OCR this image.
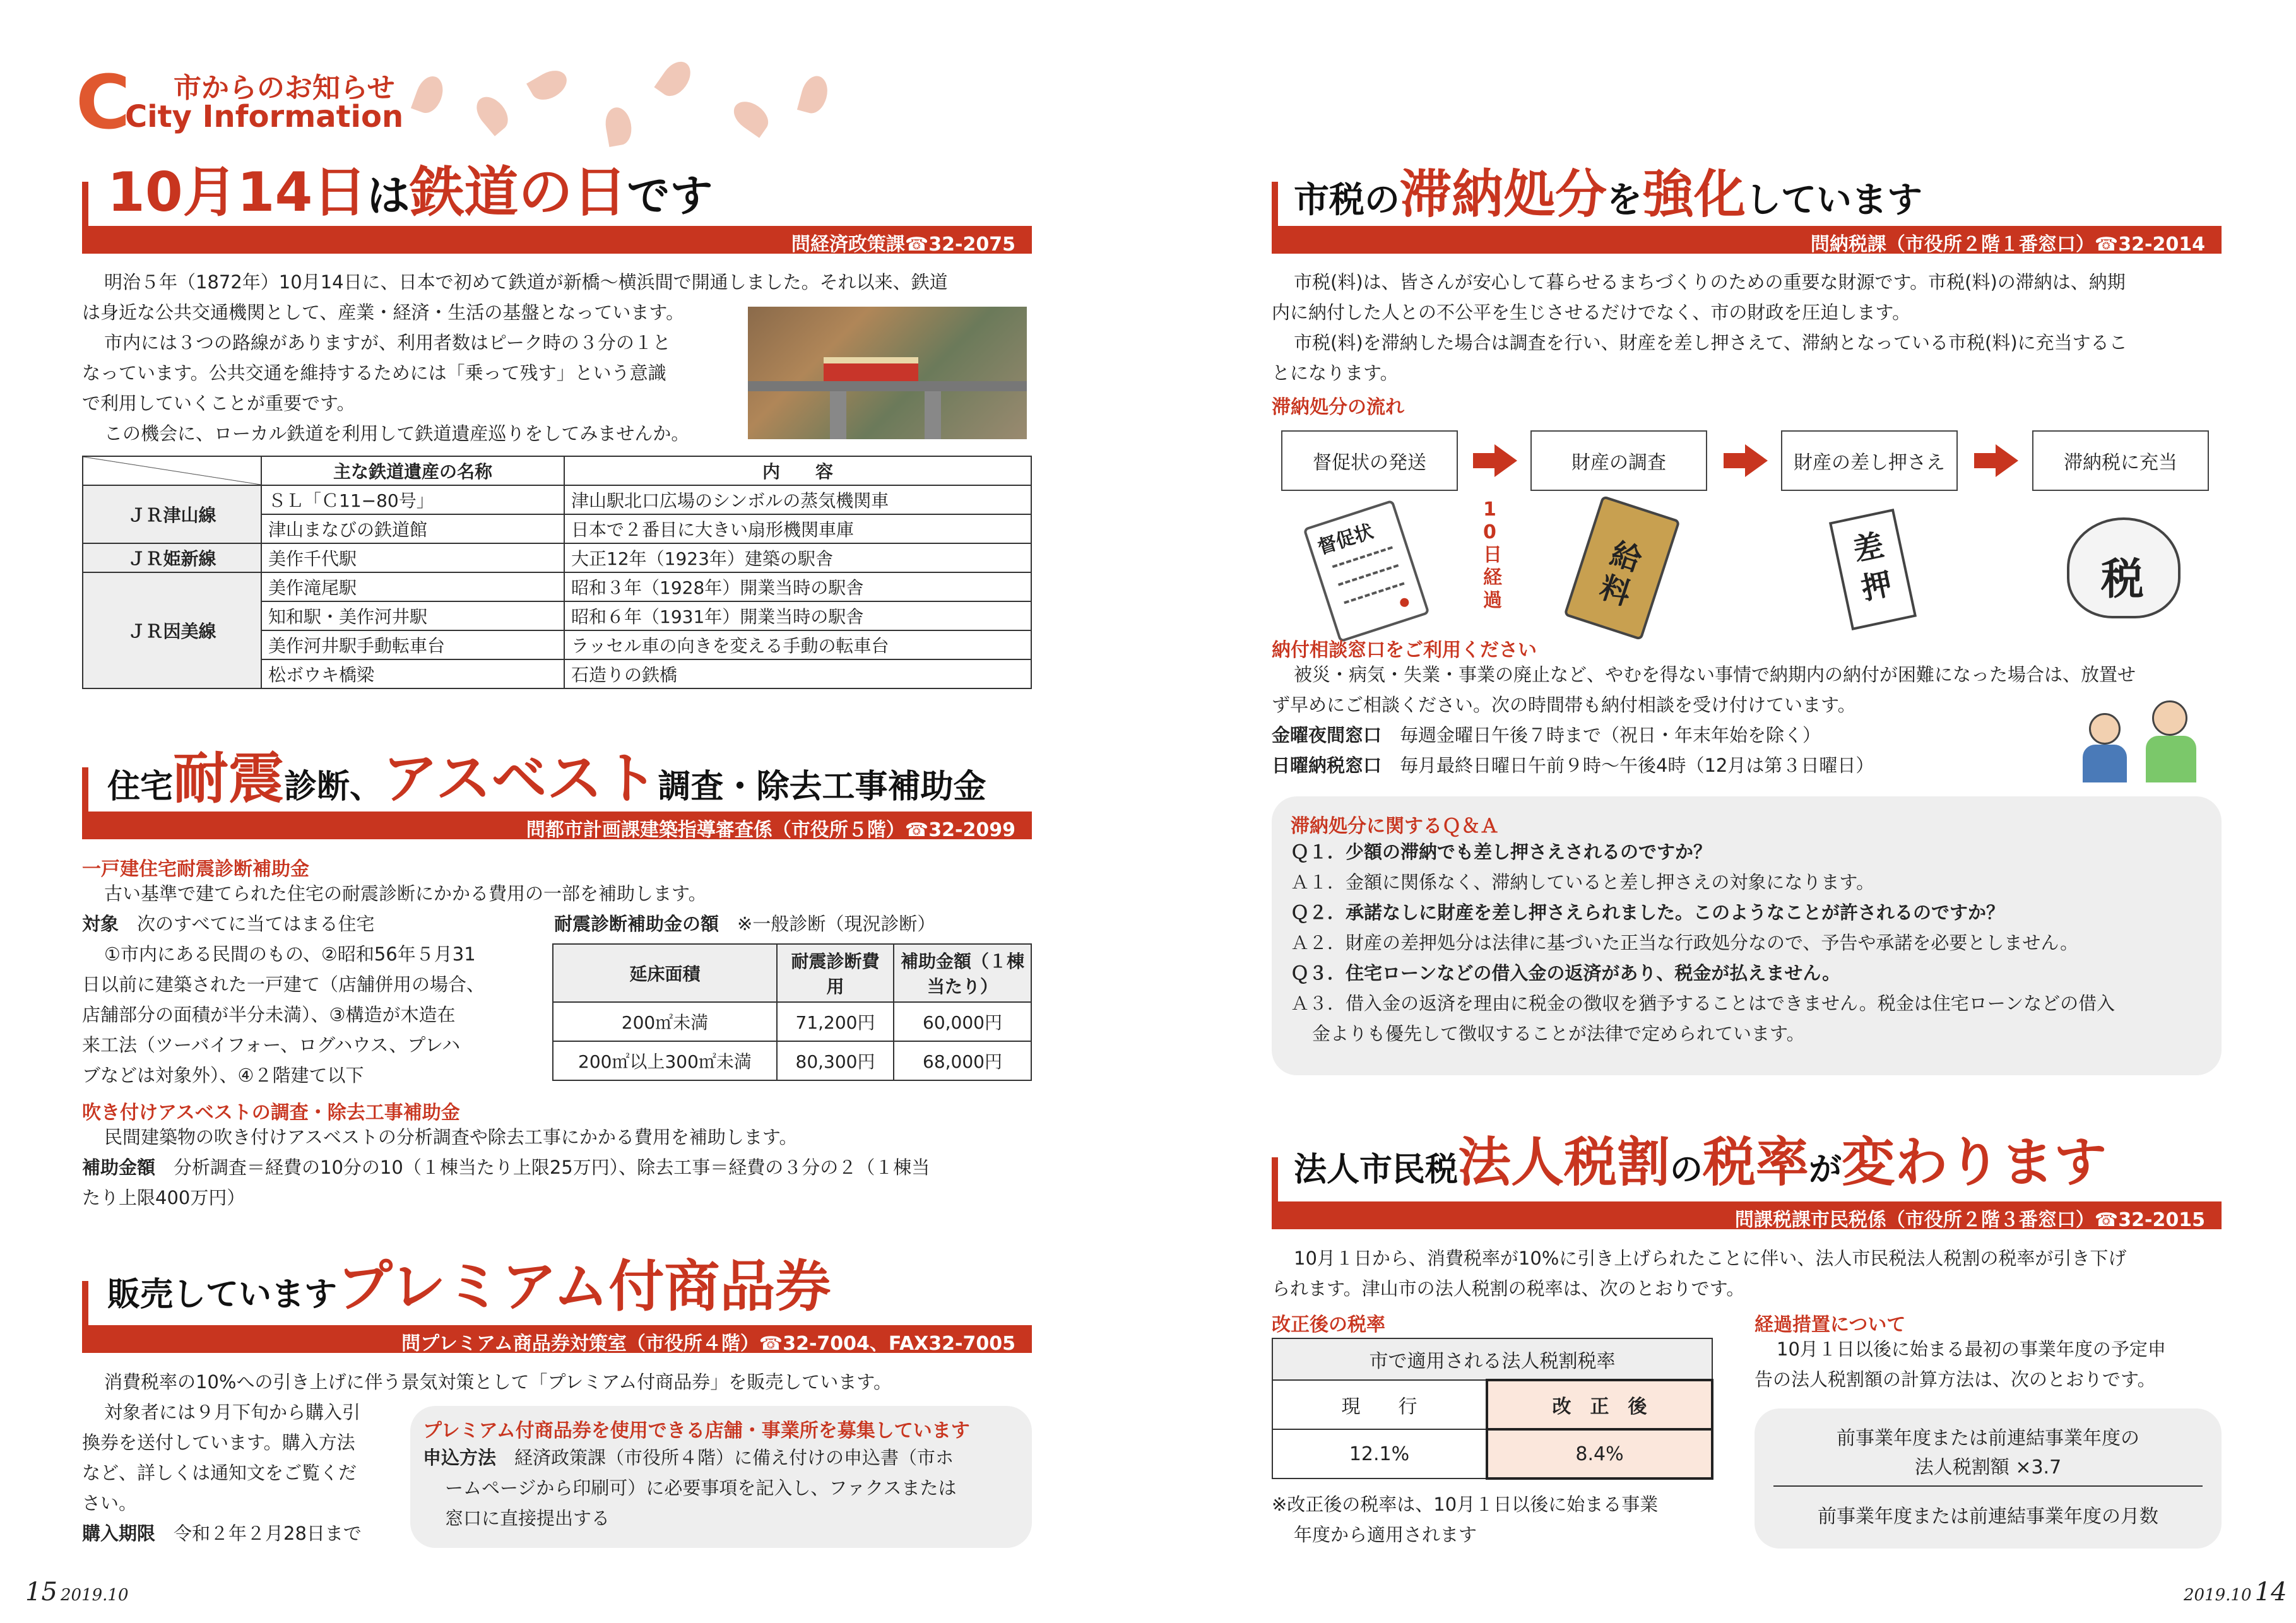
C 市からのお知らせ
City Information
10月14日は鉄道の日です
問経済政策課☎32-2075

明治５年（1872年）10月14日に、日本で初めて鉄道が新橋～横浜間で開通しました。それ以来、鉄道

は身近な公共交通機関として、産業・経済・生活の基盤となっています。

市内には３つの路線がありますが、利用者数はピーク時の３分の１と

なっています。公共交通を維持するためには「乗って残す」という意識

で利用していくことが重要です。

この機会に、ローカル鉄道を利用して鉄道遺産巡りをしてみませんか。

	主な鉄道遺産の名称	内　　容
ＪＲ津山線	ＳＬ「Ｃ11−80号」	津山駅北口広場のシンボルの蒸気機関車
	津山まなびの鉄道館	日本で２番目に大きい扇形機関車庫
ＪＲ姫新線	美作千代駅	大正12年（1923年）建築の駅舎
ＪＲ因美線	美作滝尾駅	昭和３年（1928年）開業当時の駅舎
	知和駅・美作河井駅	昭和６年（1931年）開業当時の駅舎
	美作河井駅手動転車台	ラッセル車の向きを変える手動の転車台
	松ボウキ橋梁	石造りの鉄橋
住宅耐震診断、アスベスト調査・除去工事補助金
問都市計画課建築指導審査係（市役所５階）☎32-2099
一戸建住宅耐震診断補助金

古い基準で建てられた住宅の耐震診断にかかる費用の一部を補助します。

対象　 次のすべてに当てはまる住宅

①市内にある民間のもの、②昭和56年５月31

日以前に建築された一戸建て（店舗併用の場合、

店舗部分の面積が半分未満）、③構造が木造在

来工法（ツーバイフォー、ログハウス、プレハ

ブなどは対象外）、④２階建て以下

耐震診断補助金の額　 ※一般診断（現況診断）

延床面積	耐震診断費用	補助金額（１棟当たり）
200㎡未満	71,200円	60,000円
200㎡以上300㎡未満	80,300円	68,000円
吹き付けアスベストの調査・除去工事補助金

民間建築物の吹き付けアスベストの分析調査や除去工事にかかる費用を補助します。

補助金額　 分析調査＝経費の10分の10（１棟当たり上限25万円）、除去工事＝経費の３分の２（１棟当

たり上限400万円）

販売していますプレミアム付商品券
問プレミアム商品券対策室（市役所４階）☎32-7004、FAX32-7005

消費税率の10%への引き上げに伴う景気対策として「プレミアム付商品券」を販売しています。

対象者には９月下旬から購入引

換券を送付しています。購入方法

など、詳しくは通知文をご覧くだ

さい。

購入期限　 令和２年２月28日まで

プレミアム付商品券を使用できる店舗・事業所を募集しています

申込方法　 経済政策課（市役所４階）に備え付けの申込書（市ホ

ームページから印刷可）に必要事項を記入し、ファクスまたは

窓口に直接提出する

15 2019.10
市税の滞納処分を強化しています
問納税課（市役所２階１番窓口）☎32-2014

市税(料)は、皆さんが安心して暮らせるまちづくりのための重要な財源です。市税(料)の滞納は、納期

内に納付した人との不公平を生じさせるだけでなく、市の財政を圧迫します。

市税(料)を滞納した場合は調査を行い、財産を差し押さえて、滞納となっている市税(料)に充当するこ

とになります。

滞納処分の流れ
督促状の発送	財産の調査	財産の差し押さえ	滞納税に充当
10日経過
督促状	給料
差押	税
納付相談窓口をご利用ください

被災・病気・失業・事業の廃止など、やむを得ない事情で納期内の納付が困難になった場合は、放置せ

ず早めにご相談ください。次の時間帯も納付相談を受け付けています。

金曜夜間窓口　 毎週金曜日午後７時まで（祝日・年末年始を除く）

日曜納税窓口　 毎月最終日曜日午前９時～午後4時（12月は第３日曜日）

滞納処分に関するＱ＆Ａ

Ｑ１．少額の滞納でも差し押さえされるのですか？

Ａ１．金額に関係なく、滞納していると差し押さえの対象になります。

Ｑ２．承諾なしに財産を差し押さえられました。このようなことが許されるのですか？

Ａ２．財産の差押処分は法律に基づいた正当な行政処分なので、予告や承諾を必要としません。

Ｑ３．住宅ローンなどの借入金の返済があり、税金が払えません。

Ａ３．借入金の返済を理由に税金の徴収を猶予することはできません。税金は住宅ローンなどの借入

金よりも優先して徴収することが法律で定められています。

法人市民税法人税割の税率が変わります
問課税課市民税係（市役所２階３番窓口）☎32-2015

10月１日から、消費税率が10%に引き上げられたことに伴い、法人市民税法人税割の税率が引き下げ

られます。津山市の法人税割の税率は、次のとおりです。

改正後の税率
市で適用される法人税割税率	
現　　行	改　正　後
12.1%	8.4%

※改正後の税率は、10月１日以後に始まる事業

年度から適用されます

経過措置について

10月１日以後に始まる最初の事業年度の予定申

告の法人税割額の計算方法は、次のとおりです。

前事業年度または前連結事業年度の
法人税割額 ×3.7
前事業年度または前連結事業年度の月数
2019.10 14
